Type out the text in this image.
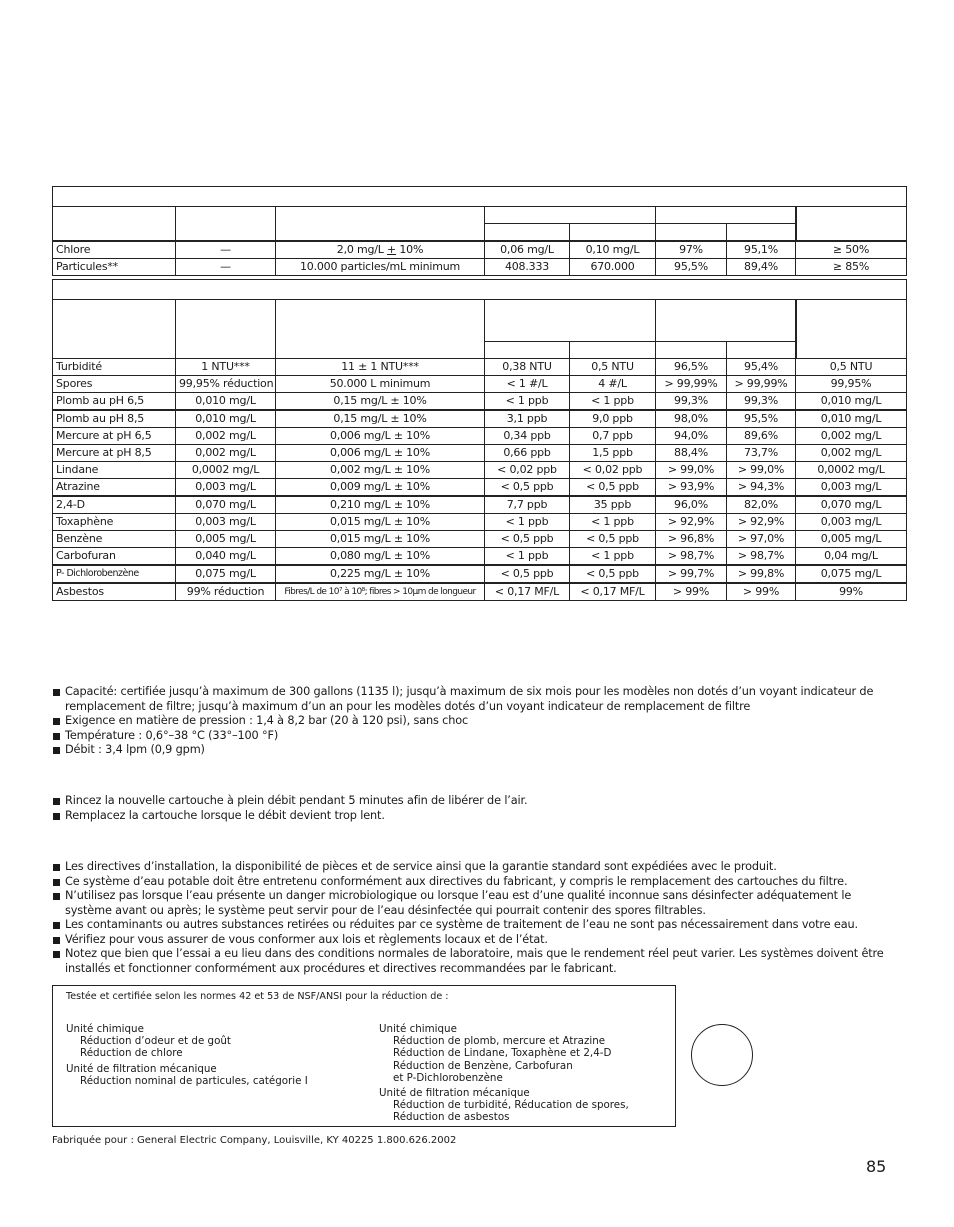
Chlore	—	2,0 mg/L + 10%	0,06 mg/L	0,10 mg/L	97%	95,1%	≥ 50%
Particules**	—	10.000 particles/mL minimum	408.333	670.000	95,5%	89,4%	≥ 85%

Turbidité	1 NTU***	11 ± 1 NTU***	0,38 NTU	0,5 NTU	96,5%	95,4%	0,5 NTU
Spores	99,95% réduction	50.000 L minimum	< 1 #/L	4 #/L	> 99,99%	> 99,99%	99,95%
Plomb au pH 6,5	0,010 mg/L	0,15 mg/L ± 10%	< 1 ppb	< 1 ppb	99,3%	99,3%	0,010 mg/L
Plomb au pH 8,5	0,010 mg/L	0,15 mg/L ± 10%	3,1 ppb	9,0 ppb	98,0%	95,5%	0,010 mg/L
Mercure at pH 6,5	0,002 mg/L	0,006 mg/L ± 10%	0,34 ppb	0,7 ppb	94,0%	89,6%	0,002 mg/L
Mercure at pH 8,5	0,002 mg/L	0,006 mg/L ± 10%	0,66 ppb	1,5 ppb	88,4%	73,7%	0,002 mg/L
Lindane	0,0002 mg/L	0,002 mg/L ± 10%	< 0,02 ppb	< 0,02 ppb	> 99,0%	> 99,0%	0,0002 mg/L
Atrazine	0,003 mg/L	0,009 mg/L ± 10%	< 0,5 ppb	< 0,5 ppb	> 93,9%	> 94,3%	0,003 mg/L
2,4-D	0,070 mg/L	0,210 mg/L ± 10%	7,7 ppb	35 ppb	96,0%	82,0%	0,070 mg/L
Toxaphène	0,003 mg/L	0,015 mg/L ± 10%	< 1 ppb	< 1 ppb	> 92,9%	> 92,9%	0,003 mg/L
Benzène	0,005 mg/L	0,015 mg/L ± 10%	< 0,5 ppb	< 0,5 ppb	> 96,8%	> 97,0%	0,005 mg/L
Carbofuran	0,040 mg/L	0,080 mg/L ± 10%	< 1 ppb	< 1 ppb	> 98,7%	> 98,7%	0,04 mg/L
P- Dichlorobenzène	0,075 mg/L	0,225 mg/L ± 10%	< 0,5 ppb	< 0,5 ppb	> 99,7%	> 99,8%	0,075 mg/L
Asbestos	99% réduction	Fibres/L de 10⁷ à 10⁸; fibres > 10μm de longueur	< 0,17 MF/L	< 0,17 MF/L	> 99%	> 99%	99%
Capacité: certifiée jusqu’à maximum de 300 gallons (1135 l); jusqu’à maximum de six mois pour les modèles non dotés d’un voyant indicateur de remplacement de filtre; jusqu’à maximum d’un an pour les modèles dotés d’un voyant indicateur de remplacement de filtre
Exigence en matière de pression : 1,4 à 8,2 bar (20 à 120 psi), sans choc
Température : 0,6°–38 °C (33°–100 °F)
Débit : 3,4 lpm (0,9 gpm)
Rincez la nouvelle cartouche à plein débit pendant 5 minutes afin de libérer de l’air.
Remplacez la cartouche lorsque le débit devient trop lent.
Les directives d’installation, la disponibilité de pièces et de service ainsi que la garantie standard sont expédiées avec le produit.
Ce système d’eau potable doit être entretenu conformément aux directives du fabricant, y compris le remplacement des cartouches du filtre.
N’utilisez pas lorsque l’eau présente un danger microbiologique ou lorsque l’eau est d’une qualité inconnue sans désinfecter adéquatement le système avant ou après; le système peut servir pour de l’eau désinfectée qui pourrait contenir des spores filtrables.
Les contaminants ou autres substances retirées ou réduites par ce système de traitement de l’eau ne sont pas nécessairement dans votre eau.
Vérifiez pour vous assurer de vous conformer aux lois et règlements locaux et de l’état.
Notez que bien que l’essai a eu lieu dans des conditions normales de laboratoire, mais que le rendement réel peut varier. Les systèmes doivent être installés et fonctionner conformément aux procédures et directives recommandées par le fabricant.
Testée et certifiée selon les normes 42 et 53 de NSF/ANSI pour la réduction de :
Unité chimique
Réduction d’odeur et de goût
Réduction de chlore
Unité de filtration mécanique
Réduction nominal de particules, catégorie I
Unité chimique
Réduction de plomb, mercure et Atrazine
Réduction de Lindane, Toxaphène et 2,4-D
Réduction de Benzène, Carbofuran
et P-Dichlorobenzène
Unité de filtration mécanique
Réduction de turbidité, Réducation de spores,
Réduction de asbestos
Fabriquée pour : General Electric Company, Louisville, KY 40225 1.800.626.2002
85
